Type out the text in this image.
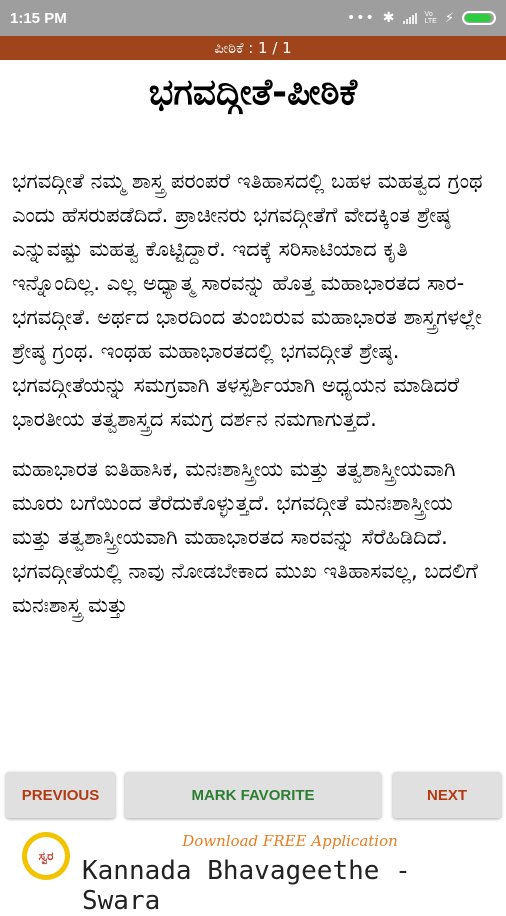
1:15 PM	••• ✱	Vo
LTE ⚡
ಪೀಠಿಕೆ : 1 / 1
ಭಗವದ್ಗೀತೆ-ಪೀಠಿಕೆ

ಭಗವದ್ಗೀತೆ ನಮ್ಮ ಶಾಸ್ತ್ರ ಪರಂಪರೆ ಇತಿಹಾಸದಲ್ಲಿ ಬಹಳ ಮಹತ್ವದ ಗ್ರಂಥ ಎಂದು ಹೆಸರುಪಡೆದಿದೆ. ಪ್ರಾಚೀನರು ಭಗವದ್ಗೀತೆಗೆ ವೇದಕ್ಕಿಂತ ಶ್ರೇಷ್ಠ ಎನ್ನುವಷ್ಟು ಮಹತ್ವ ಕೊಟ್ಟಿದ್ದಾರೆ. ಇದಕ್ಕೆ ಸರಿಸಾಟಿಯಾದ ಕೃತಿ ಇನ್ನೊಂದಿಲ್ಲ. ಎಲ್ಲ ಅಧ್ಯಾತ್ಮ ಸಾರವನ್ನು ಹೊತ್ತ ಮಹಾಭಾರತದ ಸಾರ-ಭಗವದ್ಗೀತೆ. ಅರ್ಥದ ಭಾರದಿಂದ ತುಂಬಿರುವ ಮಹಾಭಾರತ ಶಾಸ್ತ್ರಗಳಲ್ಲೇ ಶ್ರೇಷ್ಠ ಗ್ರಂಥ. ಇಂಥಹ ಮಹಾಭಾರತದಲ್ಲಿ ಭಗವದ್ಗೀತೆ ಶ್ರೇಷ್ಠ. ಭಗವದ್ಗೀತೆಯನ್ನು ಸಮಗ್ರವಾಗಿ ತಳಸ್ಪರ್ಶಿಯಾಗಿ ಅಧ್ಯಯನ ಮಾಡಿದರೆ ಭಾರತೀಯ ತತ್ವಶಾಸ್ತ್ರದ ಸಮಗ್ರ ದರ್ಶನ ನಮಗಾಗುತ್ತದೆ.

ಮಹಾಭಾರತ ಐತಿಹಾಸಿಕ, ಮನಃಶಾಸ್ತ್ರೀಯ ಮತ್ತು ತತ್ವಶಾಸ್ತ್ರೀಯವಾಗಿ ಮೂರು ಬಗೆಯಿಂದ ತೆರೆದುಕೊಳ್ಳುತ್ತದೆ. ಭಗವದ್ಗೀತೆ ಮನಃಶಾಸ್ತ್ರೀಯ ಮತ್ತು ತತ್ವಶಾಸ್ತ್ರೀಯವಾಗಿ ಮಹಾಭಾರತದ ಸಾರವನ್ನು ಸೆರೆಹಿಡಿದಿದೆ. ಭಗವದ್ಗೀತೆಯಲ್ಲಿ ನಾವು ನೋಡಬೇಕಾದ ಮುಖ ಇತಿಹಾಸವಲ್ಲ, ಬದಲಿಗೆ ಮನಃಶಾಸ್ತ್ರ ಮತ್ತು

PREVIOUS	MARK FAVORITE	NEXT
ಸ್ವರ
Download FREE Application
Kannada Bhavageethe - Swara
